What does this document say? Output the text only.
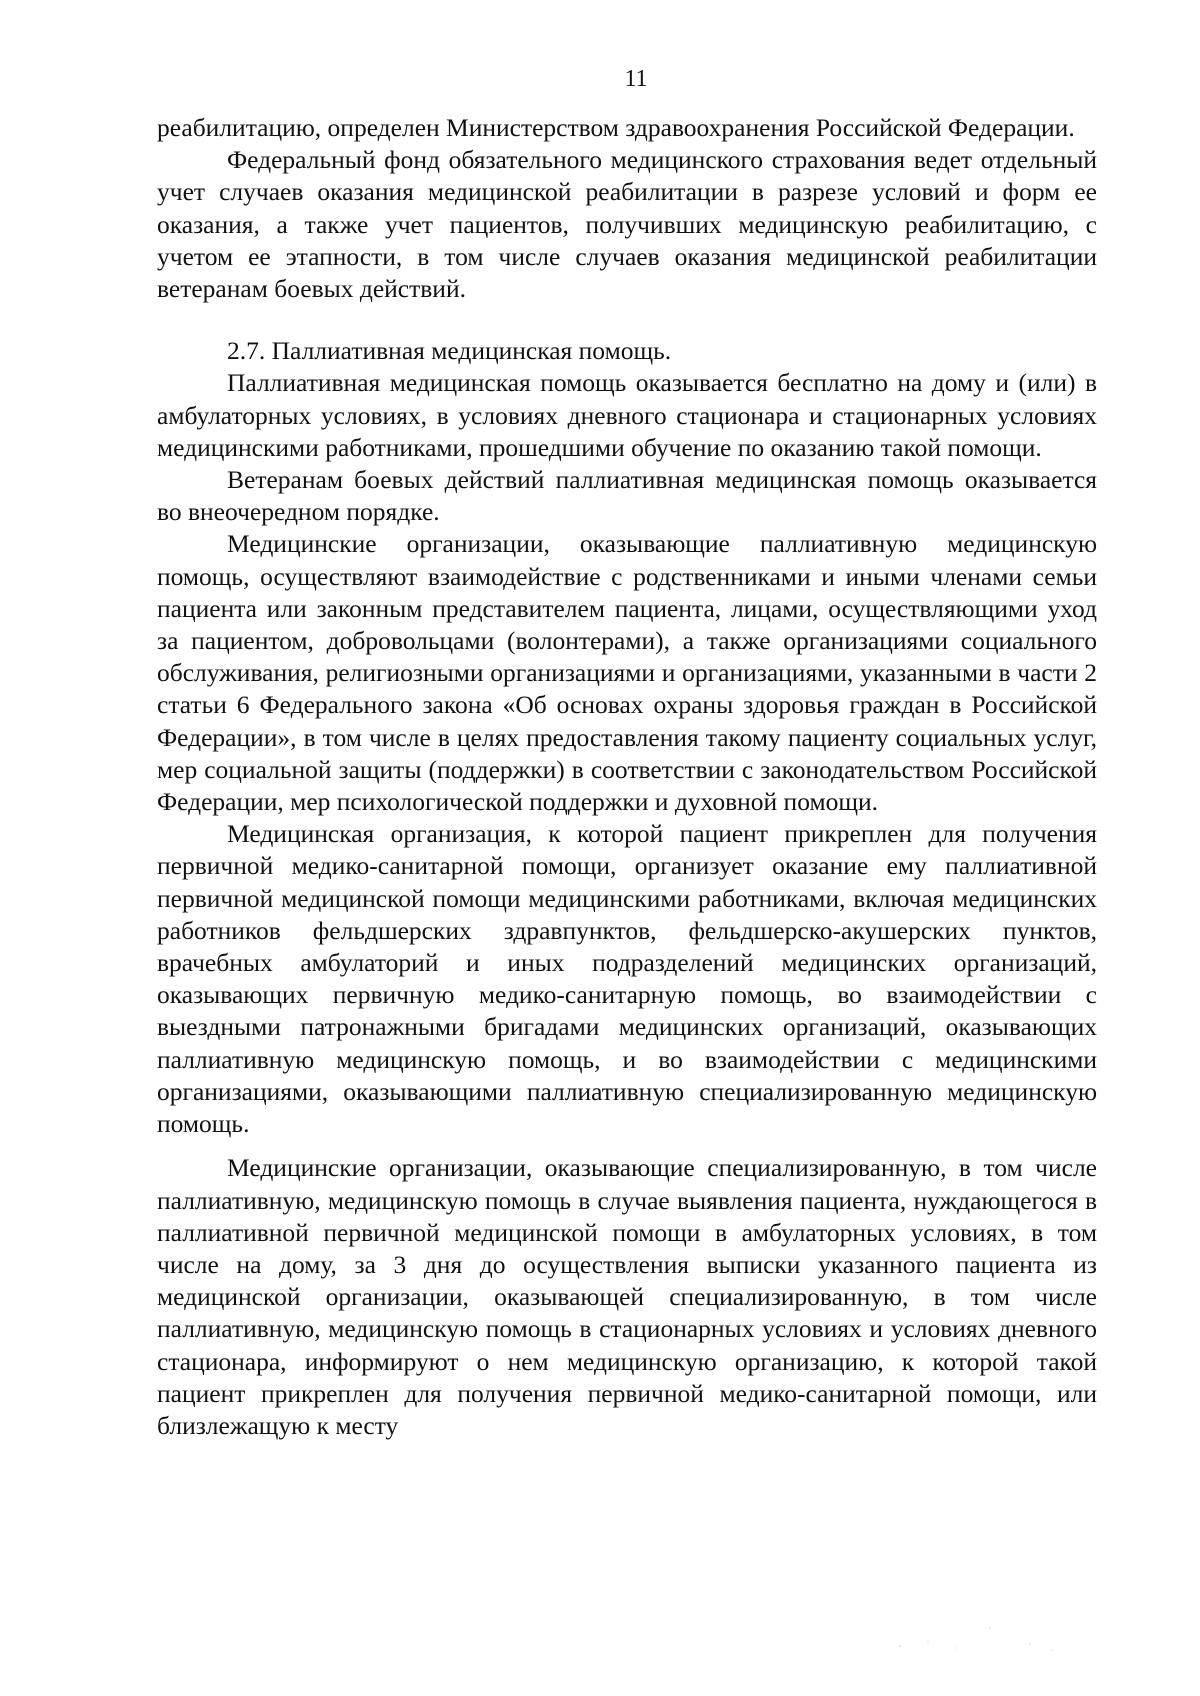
11

реабилитацию, определен Министерством здравоохранения Российской Федерации.

Федеральный фонд обязательного медицинского страхования ведет отдельный учет случаев оказания медицинской реабилитации в разрезе условий и форм ее оказания, а также учет пациентов, получивших медицинскую реабилитацию, с учетом ее этапности, в том числе случаев оказания медицинской реабилитации ветеранам боевых действий.

2.7. Паллиативная медицинская помощь.

Паллиативная медицинская помощь оказывается бесплатно на дому и (или) в амбулаторных условиях, в условиях дневного стационара и стационарных условиях медицинскими работниками, прошедшими обучение по оказанию такой помощи.

Ветеранам боевых действий паллиативная медицинская помощь оказывается во внеочередном порядке.

Медицинские организации, оказывающие паллиативную медицинскую помощь, осуществляют взаимодействие с родственниками и иными членами семьи пациента или законным представителем пациента, лицами, осуществляющими уход за пациентом, добровольцами (волонтерами), а также организациями социального обслуживания, религиозными организациями и организациями, указанными в части 2 статьи 6 Федерального закона «Об основах охраны здоровья граждан в Российской Федерации», в том числе в целях предоставления такому пациенту социальных услуг, мер социальной защиты (поддержки) в соответствии с законодательством Российской Федерации, мер психологической поддержки и духовной помощи.

Медицинская организация, к которой пациент прикреплен для получения первичной медико-санитарной помощи, организует оказание ему паллиативной первичной медицинской помощи медицинскими работниками, включая медицинских работников фельдшерских здравпунктов, фельдшерско-акушерских пунктов, врачебных амбулаторий и иных подразделений медицинских организаций, оказывающих первичную медико-санитарную помощь, во взаимодействии с выездными патронажными бригадами медицинских организаций, оказывающих паллиативную медицинскую помощь, и во взаимодействии с медицинскими организациями, оказывающими паллиативную специализированную медицинскую помощь.

Медицинские организации, оказывающие специализированную, в том числе паллиативную, медицинскую помощь в случае выявления пациента, нуждающегося в паллиативной первичной медицинской помощи в амбулаторных условиях, в том числе на дому, за 3 дня до осуществления выписки указанного пациента из медицинской организации, оказывающей специализированную, в том числе паллиативную, медицинскую помощь в стационарных условиях и условиях дневного стационара, информируют о нем медицинскую организацию, к которой такой пациент прикреплен для получения первичной медико-санитарной помощи, или близлежащую к месту
